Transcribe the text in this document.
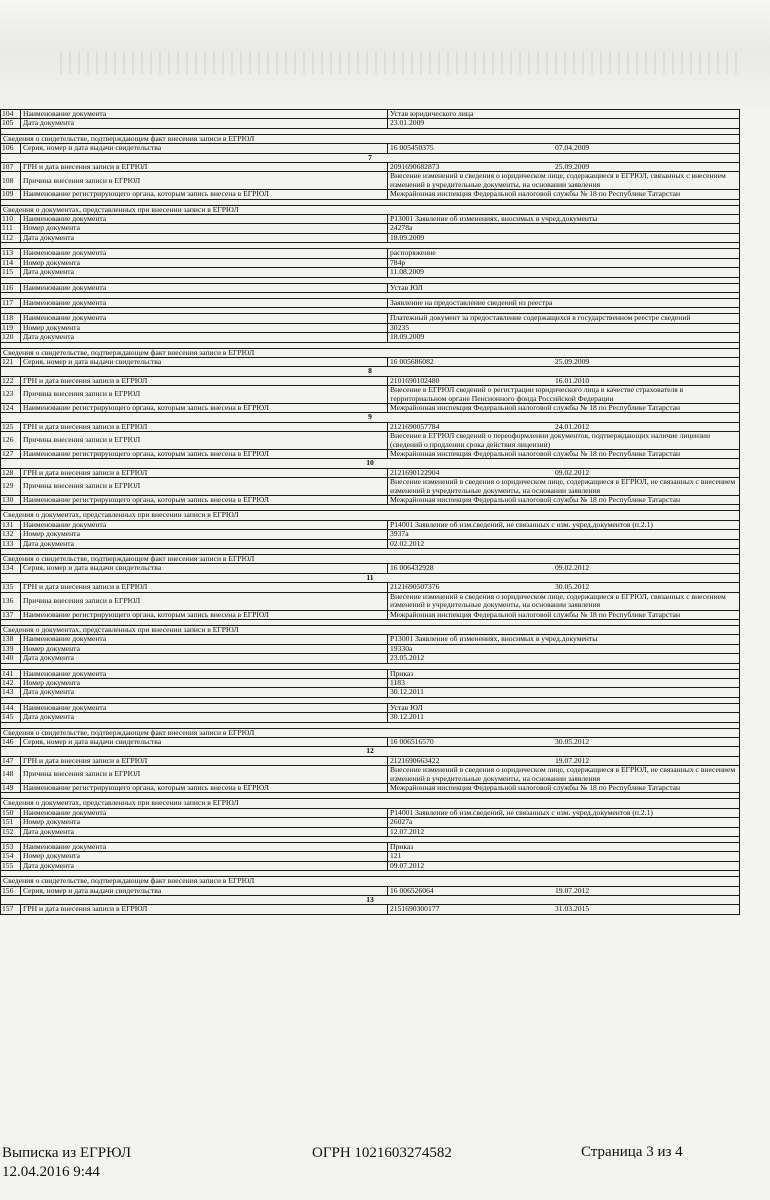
104	Наименование документа	Устав юридического лица
105	Дата документа	23.01.2009

Сведения о свидетельстве, подтверждающем факт внесения записи в ЕГРЮЛ		
106	Серия, номер и дата выдачи свидетельства	16 005450375 07.04.2009

7		
107	ГРН и дата внесения записи в ЕГРЮЛ	2091690682873 25.09.2009

108	Причина внесения записи в ЕГРЮЛ	Внесение изменений в сведения о юридическом лице, содержащиеся в ЕГРЮЛ, связанных с внесением изменений в учредительные документы, на основании заявления
109	Наименование регистрирующего органа, которым запись внесена в ЕГРЮЛ	Межрайонная инспекция Федеральной налоговой службы № 18 по Республике Татарстан

Сведения о документах, представленных при внесении записи в ЕГРЮЛ		
110	Наименование документа	Р13001 Заявление об изменениях, вносимых в учред.документы
111	Номер документа	24278а
112	Дата документа	18.09.2009

113	Наименование документа	распоряжение
114	Номер документа	784р
115	Дата документа	11.08.2009

116	Наименование документа	Устав ЮЛ

117	Наименование документа	Заявление на предоставление сведений из реестра

118	Наименование документа	Платежный документ за предоставление содержащихся в государственном реестре сведений
119	Номер документа	30235
120	Дата документа	18.09.2009

Сведения о свидетельстве, подтверждающем факт внесения записи в ЕГРЮЛ		
121	Серия, номер и дата выдачи свидетельства	16 005686082 25.09.2009

8		
122	ГРН и дата внесения записи в ЕГРЮЛ	2101690102480 16.01.2010

123	Причина внесения записи в ЕГРЮЛ	Внесение в ЕГРЮЛ сведений о регистрации юридического лица в качестве страхователя в территориальном органе Пенсионного фонда Российской Федерации
124	Наименование регистрирующего органа, которым запись внесена в ЕГРЮЛ	Межрайонная инспекция Федеральной налоговой службы № 18 по Республике Татарстан
9		
125	ГРН и дата внесения записи в ЕГРЮЛ	2121690057784 24.01.2012

126	Причина внесения записи в ЕГРЮЛ	Внесение в ЕГРЮЛ сведений о переоформлении документов, подтверждающих наличие лицензии (сведений о продлении срока действия лицензии)
127	Наименование регистрирующего органа, которым запись внесена в ЕГРЮЛ	Межрайонная инспекция Федеральной налоговой службы № 18 по Республике Татарстан
10		
128	ГРН и дата внесения записи в ЕГРЮЛ	2121690122904 09.02.2012

129	Причина внесения записи в ЕГРЮЛ	Внесение изменений в сведения о юридическом лице, содержащиеся в ЕГРЮЛ, не связанных с внесением изменений в учредительные документы, на основании заявления
130	Наименование регистрирующего органа, которым запись внесена в ЕГРЮЛ	Межрайонная инспекция Федеральной налоговой службы № 18 по Республике Татарстан

Сведения о документах, представленных при внесении записи в ЕГРЮЛ		
131	Наименование документа	Р14001 Заявление об изм.сведений, не связанных с изм. учред.документов (п.2.1)
132	Номер документа	3937а
133	Дата документа	02.02.2012

Сведения о свидетельстве, подтверждающем факт внесения записи в ЕГРЮЛ		
134	Серия, номер и дата выдачи свидетельства	16 006432928 09.02.2012

11		
135	ГРН и дата внесения записи в ЕГРЮЛ	2121690507376 30.05.2012

136	Причина внесения записи в ЕГРЮЛ	Внесение изменений в сведения о юридическом лице, содержащиеся в ЕГРЮЛ, связанных с внесением изменений в учредительные документы, на основании заявления
137	Наименование регистрирующего органа, которым запись внесена в ЕГРЮЛ	Межрайонная инспекция Федеральной налоговой службы № 18 по Республике Татарстан

Сведения о документах, представленных при внесении записи в ЕГРЮЛ		
138	Наименование документа	Р13001 Заявление об изменениях, вносимых в учред.документы
139	Номер документа	19330а
140	Дата документа	23.05.2012

141	Наименование документа	Приказ
142	Номер документа	1183
143	Дата документа	30.12.2011

144	Наименование документа	Устав ЮЛ
145	Дата документа	30.12.2011

Сведения о свидетельстве, подтверждающем факт внесения записи в ЕГРЮЛ		
146	Серия, номер и дата выдачи свидетельства	16 006516570 30.05.2012

12		
147	ГРН и дата внесения записи в ЕГРЮЛ	2121690663422 19.07.2012

148	Причина внесения записи в ЕГРЮЛ	Внесение изменений в сведения о юридическом лице, содержащиеся в ЕГРЮЛ, не связанных с внесением изменений в учредительные документы, на основании заявления
149	Наименование регистрирующего органа, которым запись внесена в ЕГРЮЛ	Межрайонная инспекция Федеральной налоговой службы № 18 по Республике Татарстан

Сведения о документах, представленных при внесении записи в ЕГРЮЛ		
150	Наименование документа	Р14001 Заявление об изм.сведений, не связанных с изм. учред.документов (п.2.1)
151	Номер документа	26027а
152	Дата документа	12.07.2012

153	Наименование документа	Приказ
154	Номер документа	121
155	Дата документа	09.07.2012

Сведения о свидетельстве, подтверждающем факт внесения записи в ЕГРЮЛ		
156	Серия, номер и дата выдачи свидетельства	16 006526064 19.07.2012

13		
157	ГРН и дата внесения записи в ЕГРЮЛ	2151690300177 31.03.2015
Выписка из ЕГРЮЛ
12.04.2016 9:44
ОГРН 1021603274582	Страница 3 из 4
